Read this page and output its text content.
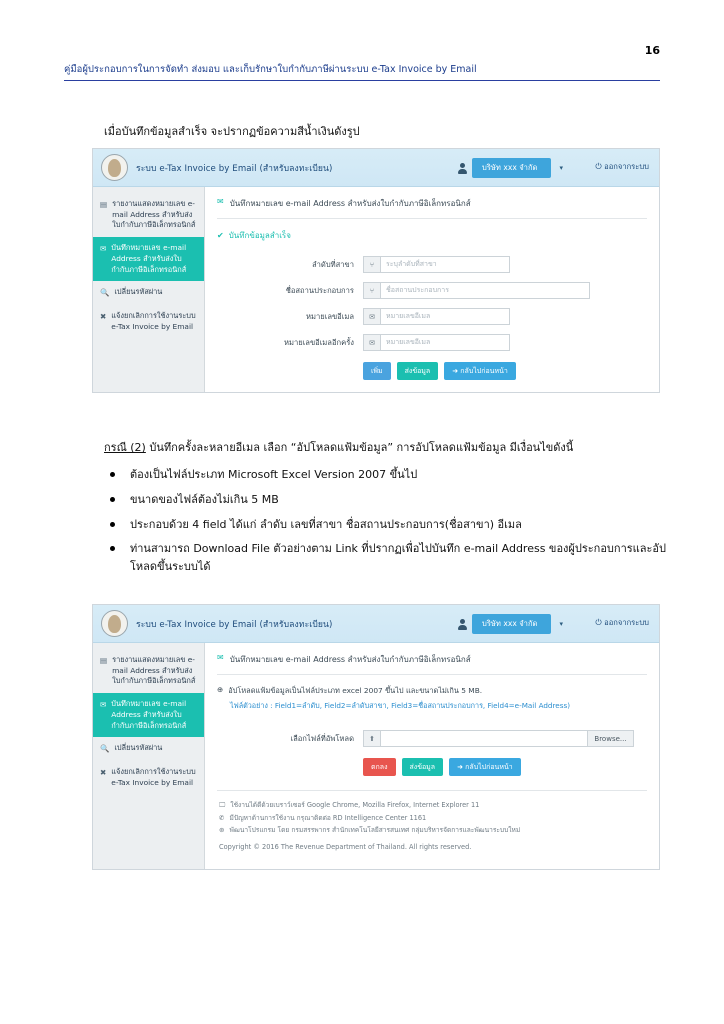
16
คู่มือผู้ประกอบการในการจัดทำ ส่งมอบ และเก็บรักษาใบกำกับภาษีผ่านระบบ e-Tax Invoice by Email
เมื่อบันทึกข้อมูลสำเร็จ จะปรากฏข้อความสีน้ำเงินดังรูป
ระบบ e-Tax Invoice by Email (สำหรับลงทะเบียน)	บริษัท xxx จำกัด	▾	⏻ ออกจากระบบ
▤ รายงานแสดงหมายเลข e-mail Address สำหรับส่งใบกำกับภาษีอิเล็กทรอนิกส์
✉ บันทึกหมายเลข e-mail Address สำหรับส่งใบกำกับภาษีอิเล็กทรอนิกส์
🔍 เปลี่ยนรหัสผ่าน
✖ แจ้งยกเลิกการใช้งานระบบ e-Tax Invoice by Email
✉ บันทึกหมายเลข e-mail Address สำหรับส่งใบกำกับภาษีอิเล็กทรอนิกส์
✔ บันทึกข้อมูลสำเร็จ
ลำดับที่สาขา	⑂	ระบุลำดับที่สาขา
ชื่อสถานประกอบการ	⑂	ชื่อสถานประกอบการ
หมายเลขอีเมล	✉	หมายเลขอีเมล
หมายเลขอีเมลอีกครั้ง	✉	หมายเลขอีเมล
เพิ่ม	ส่งข้อมูล	➜ กลับไปก่อนหน้า
กรณี (2) บันทึกครั้งละหลายอีเมล เลือก “อัปโหลดแฟ้มข้อมูล” การอัปโหลดแฟ้มข้อมูล มีเงื่อนไขดังนี้
ต้องเป็นไฟล์ประเภท Microsoft Excel Version 2007 ขึ้นไป
ขนาดของไฟล์ต้องไม่เกิน 5 MB
ประกอบด้วย 4 field ได้แก่ ลำดับ เลขที่สาขา ชื่อสถานประกอบการ(ชื่อสาขา) อีเมล
ท่านสามารถ Download File ตัวอย่างตาม Link ที่ปรากฏเพื่อไปบันทึก e-mail Address ของผู้ประกอบการและอัปโหลดขึ้นระบบได้
ระบบ e-Tax Invoice by Email (สำหรับลงทะเบียน)	บริษัท xxx จำกัด	▾	⏻ ออกจากระบบ
▤ รายงานแสดงหมายเลข e-mail Address สำหรับส่งใบกำกับภาษีอิเล็กทรอนิกส์
✉ บันทึกหมายเลข e-mail Address สำหรับส่งใบกำกับภาษีอิเล็กทรอนิกส์
🔍 เปลี่ยนรหัสผ่าน
✖ แจ้งยกเลิกการใช้งานระบบ e-Tax Invoice by Email
✉ บันทึกหมายเลข e-mail Address สำหรับส่งใบกำกับภาษีอิเล็กทรอนิกส์
⊕ อัปโหลดแฟ้มข้อมูลเป็นไฟล์ประเภท excel 2007 ขึ้นไป และขนาดไม่เกิน 5 MB.
ไฟล์ตัวอย่าง : Field1=ลำดับ, Field2=ลำดับสาขา, Field3=ชื่อสถานประกอบการ, Field4=e-Mail Address)
เลือกไฟล์ที่อัพโหลด	⬆	Browse...
ตกลง	ส่งข้อมูล	➜ กลับไปก่อนหน้า
🖵 ใช้งานได้ดีด้วยเบราว์เซอร์ Google Chrome, Mozilla Firefox, Internet Explorer 11
✆ มีปัญหาด้านการใช้งาน กรุณาติดต่อ RD Intelligence Center 1161
⊛ พัฒนาโปรแกรม โดย กรมสรรพากร สำนักเทคโนโลยีสารสนเทศ กลุ่มบริหารจัดการและพัฒนาระบบใหม่
Copyright © 2016 The Revenue Department of Thailand. All rights reserved.
